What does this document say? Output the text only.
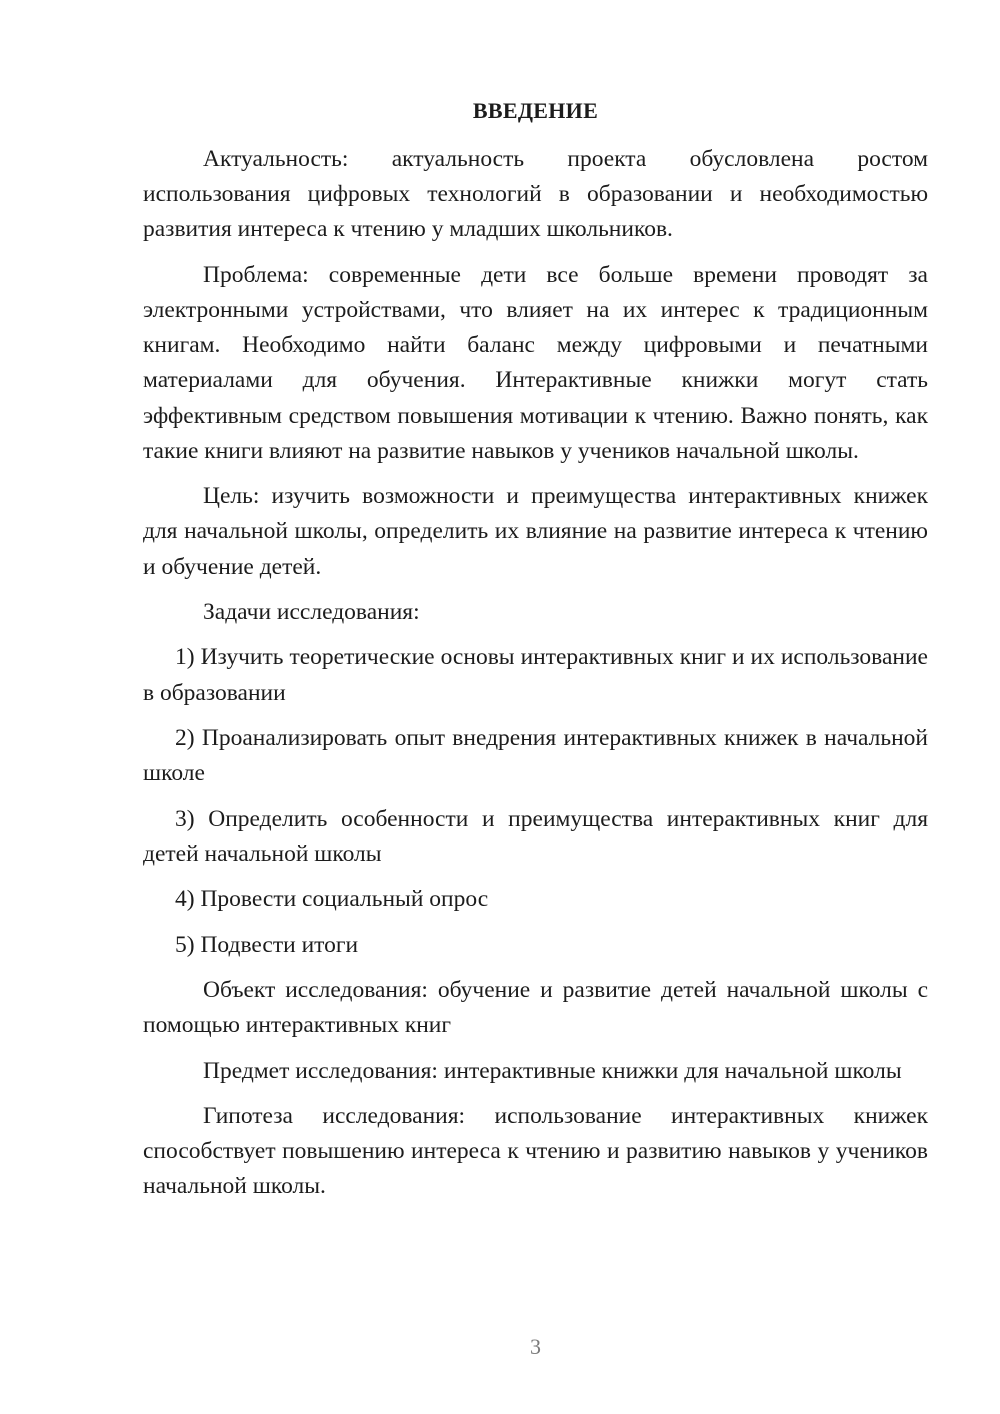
ВВЕДЕНИЕ

Актуальность: актуальность проекта обусловлена ростом использования цифровых технологий в образовании и необходимостью развития интереса к чтению у младших школьников.

Проблема: современные дети все больше времени проводят за электронными устройствами, что влияет на их интерес к традиционным книгам. Необходимо найти баланс между цифровыми и печатными материалами для обучения. Интерактивные книжки могут стать эффективным средством повышения мотивации к чтению. Важно понять, как такие книги влияют на развитие навыков у учеников начальной школы.

Цель: изучить возможности и преимущества интерактивных книжек для начальной школы, определить их влияние на развитие интереса к чтению и обучение детей.

Задачи исследования:

1) Изучить теоретические основы интерактивных книг и их использование в образовании

2) Проанализировать опыт внедрения интерактивных книжек в начальной школе

3) Определить особенности и преимущества интерактивных книг для детей начальной школы

4) Провести социальный опрос

5) Подвести итоги

Объект исследования: обучение и развитие детей начальной школы с помощью интерактивных книг

Предмет исследования: интерактивные книжки для начальной школы

Гипотеза исследования: использование интерактивных книжек способствует повышению интереса к чтению и развитию навыков у учеников начальной школы.

3
